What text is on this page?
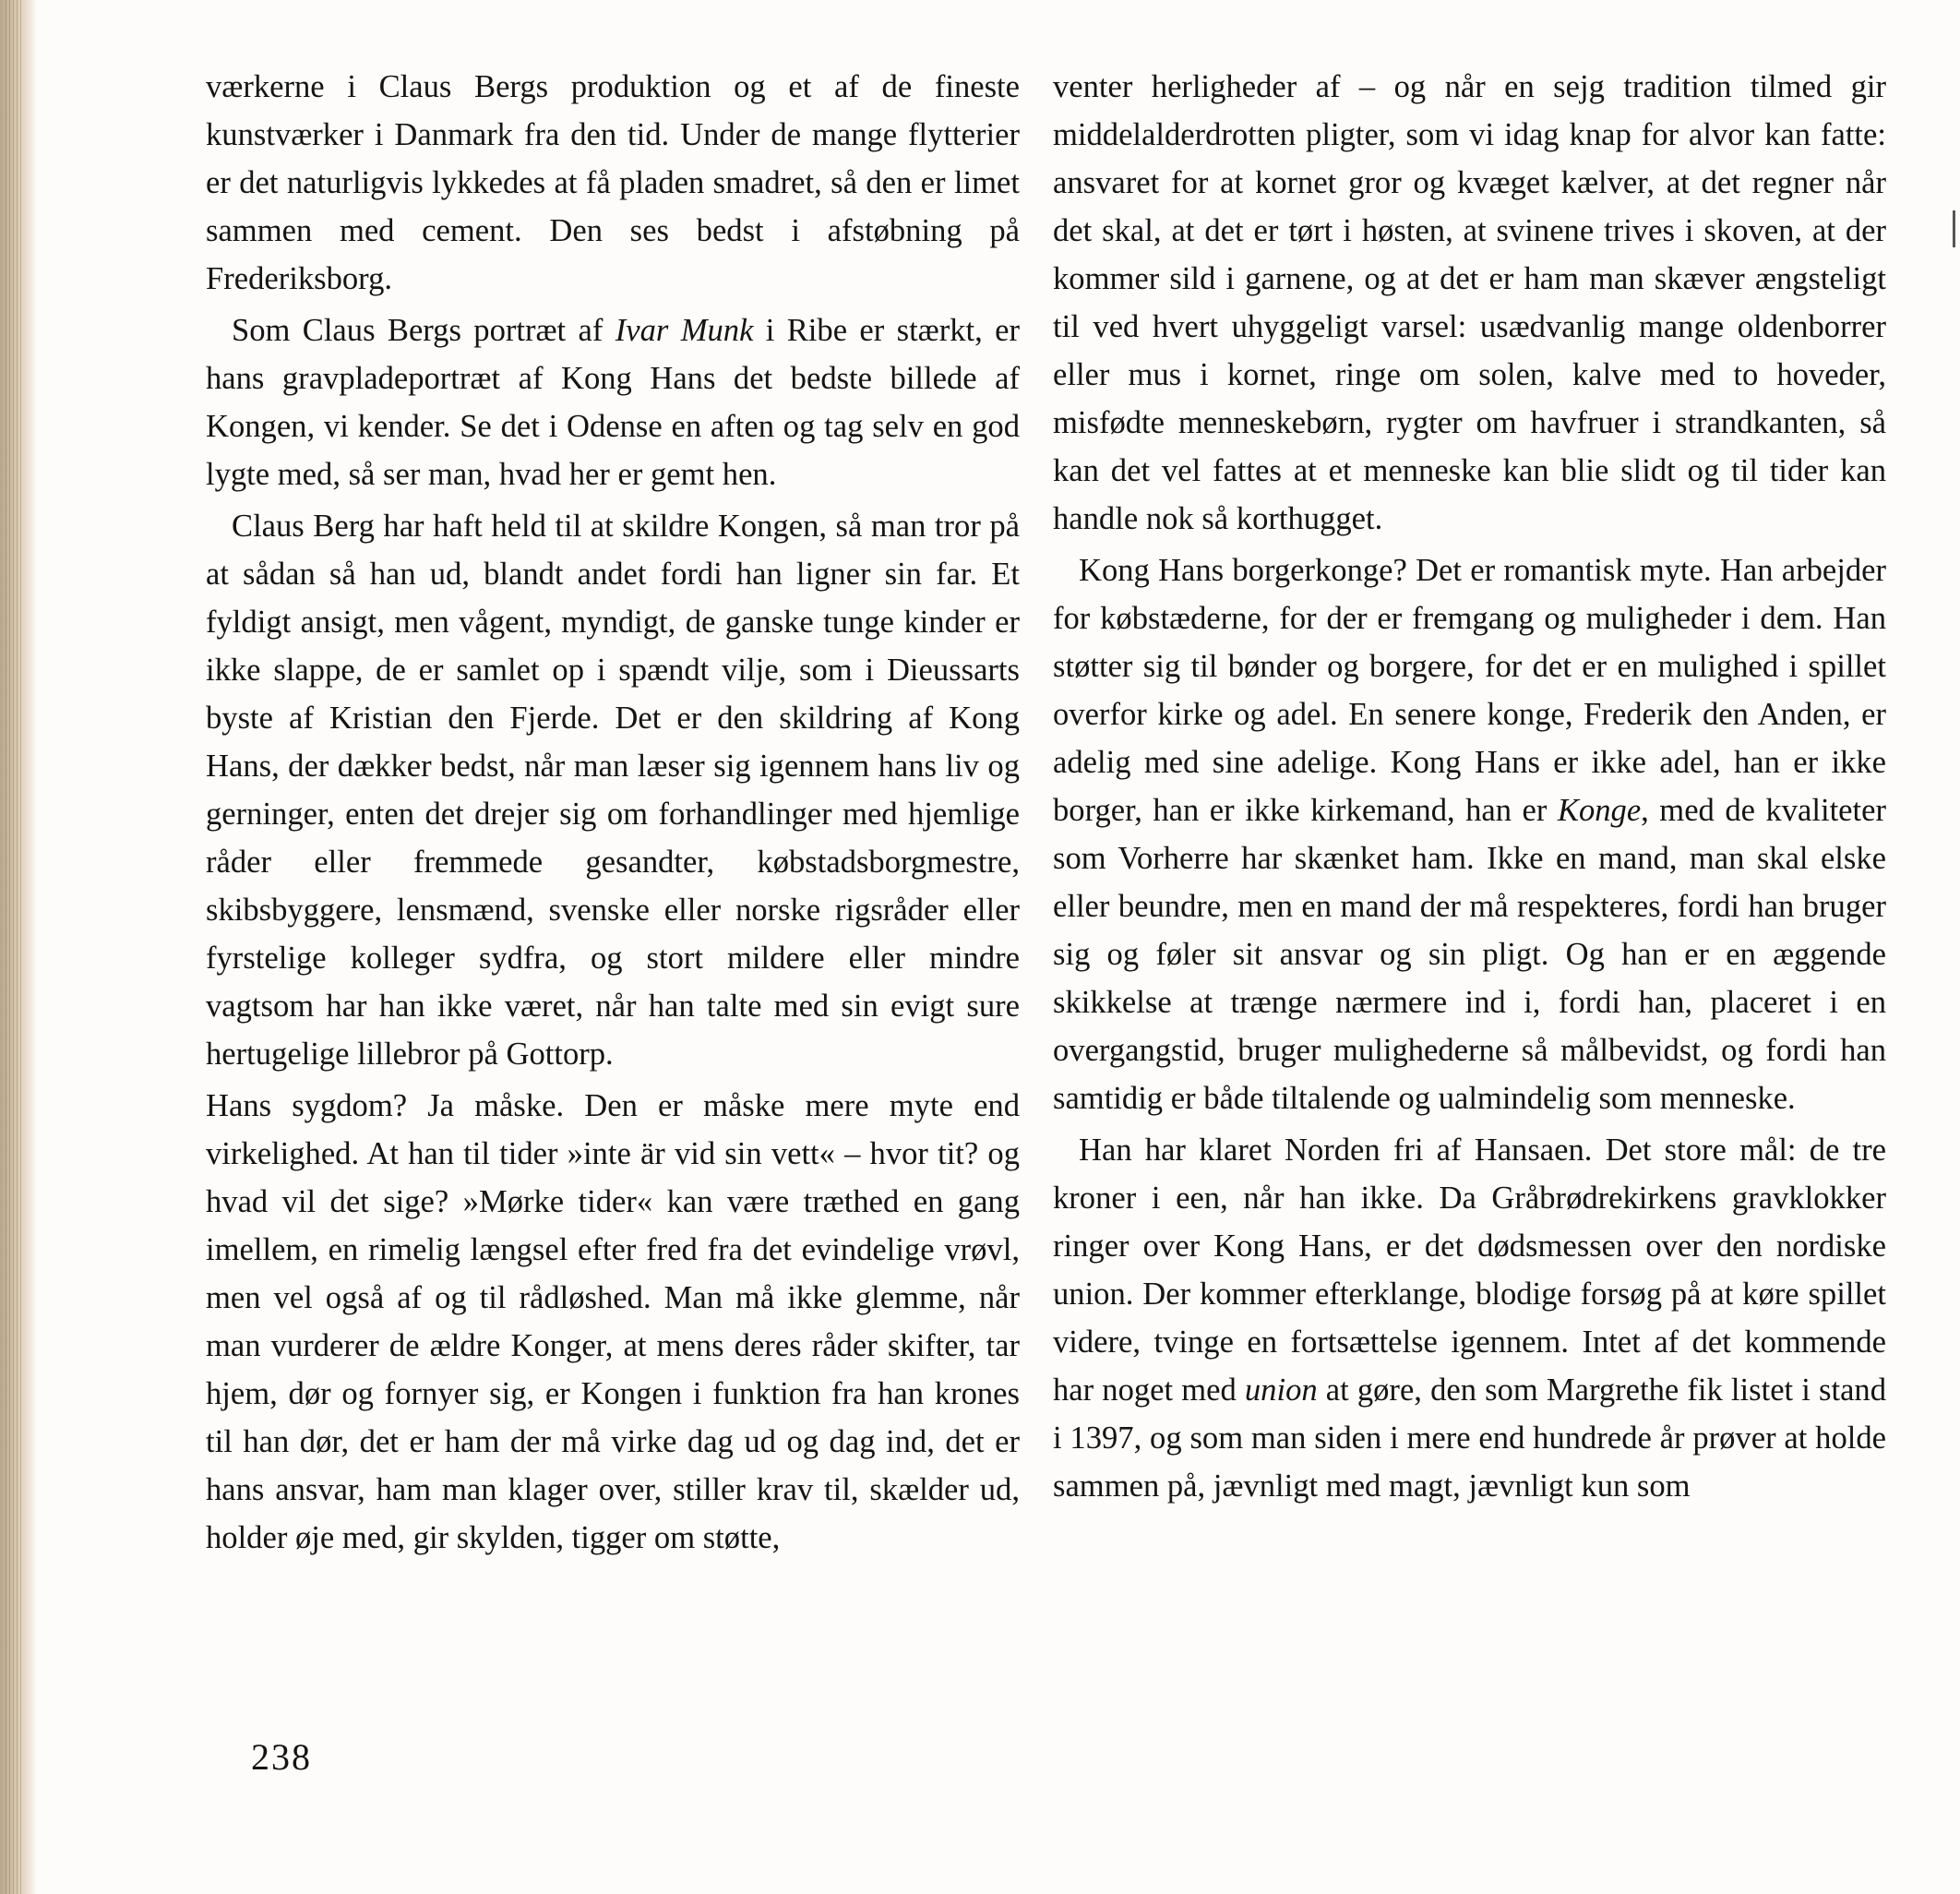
værkerne i Claus Bergs produktion og et af de fineste kunstværker i Danmark fra den tid. Under de mange flytterier er det naturligvis lykkedes at få pladen smadret, så den er limet sammen med cement. Den ses bedst i afstøbning på Frederiksborg.

Som Claus Bergs portræt af Ivar Munk i Ribe er stærkt, er hans gravpladeportræt af Kong Hans det bedste billede af Kongen, vi kender. Se det i Odense en aften og tag selv en god lygte med, så ser man, hvad her er gemt hen.

Claus Berg har haft held til at skildre Kongen, så man tror på at sådan så han ud, blandt andet fordi han ligner sin far. Et fyldigt ansigt, men vågent, myndigt, de ganske tunge kinder er ikke slappe, de er samlet op i spændt vilje, som i Dieussarts byste af Kristian den Fjerde. Det er den skildring af Kong Hans, der dækker bedst, når man læser sig igennem hans liv og gerninger, enten det drejer sig om forhandlinger med hjemlige råder eller fremmede gesandter, købstadsborgmestre, skibsbyggere, lensmænd, svenske eller norske rigsråder eller fyrstelige kolleger sydfra, og stort mildere eller mindre vagtsom har han ikke været, når han talte med sin evigt sure hertugelige lillebror på Gottorp.

Hans sygdom? Ja måske. Den er måske mere myte end virkelighed. At han til tider »inte är vid sin vett« – hvor tit? og hvad vil det sige? »Mørke tider« kan være træthed en gang imellem, en rimelig længsel efter fred fra det evindelige vrøvl, men vel også af og til rådløshed. Man må ikke glemme, når man vurderer de ældre Konger, at mens deres råder skifter, tar hjem, dør og fornyer sig, er Kongen i funktion fra han krones til han dør, det er ham der må virke dag ud og dag ind, det er hans ansvar, ham man klager over, stiller krav til, skælder ud, holder øje med, gir skylden, tigger om støtte,

venter herligheder af – og når en sejg tradition tilmed gir middelalderdrotten pligter, som vi idag knap for alvor kan fatte: ansvaret for at kornet gror og kvæget kælver, at det regner når det skal, at det er tørt i høsten, at svinene trives i skoven, at der kommer sild i garnene, og at det er ham man skæver ængsteligt til ved hvert uhyggeligt varsel: usædvanlig mange oldenborrer eller mus i kornet, ringe om solen, kalve med to hoveder, misfødte menneskebørn, rygter om havfruer i strandkanten, så kan det vel fattes at et menneske kan blie slidt og til tider kan handle nok så korthugget.

Kong Hans borgerkonge? Det er romantisk myte. Han arbejder for købstæderne, for der er fremgang og muligheder i dem. Han støtter sig til bønder og borgere, for det er en mulighed i spillet overfor kirke og adel. En senere konge, Frederik den Anden, er adelig med sine adelige. Kong Hans er ikke adel, han er ikke borger, han er ikke kirkemand, han er Konge, med de kvaliteter som Vorherre har skænket ham. Ikke en mand, man skal elske eller beundre, men en mand der må respekteres, fordi han bruger sig og føler sit ansvar og sin pligt. Og han er en æggende skikkelse at trænge nærmere ind i, fordi han, placeret i en overgangstid, bruger mulighederne så målbevidst, og fordi han samtidig er både tiltalende og ualmindelig som menneske.

Han har klaret Norden fri af Hansaen. Det store mål: de tre kroner i een, når han ikke. Da Gråbrødrekirkens gravklokker ringer over Kong Hans, er det dødsmessen over den nordiske union. Der kommer efterklange, blodige forsøg på at køre spillet videre, tvinge en fortsættelse igennem. Intet af det kommende har noget med union at gøre, den som Margrethe fik listet i stand i 1397, og som man siden i mere end hundrede år prøver at holde sammen på, jævnligt med magt, jævnligt kun som

238
